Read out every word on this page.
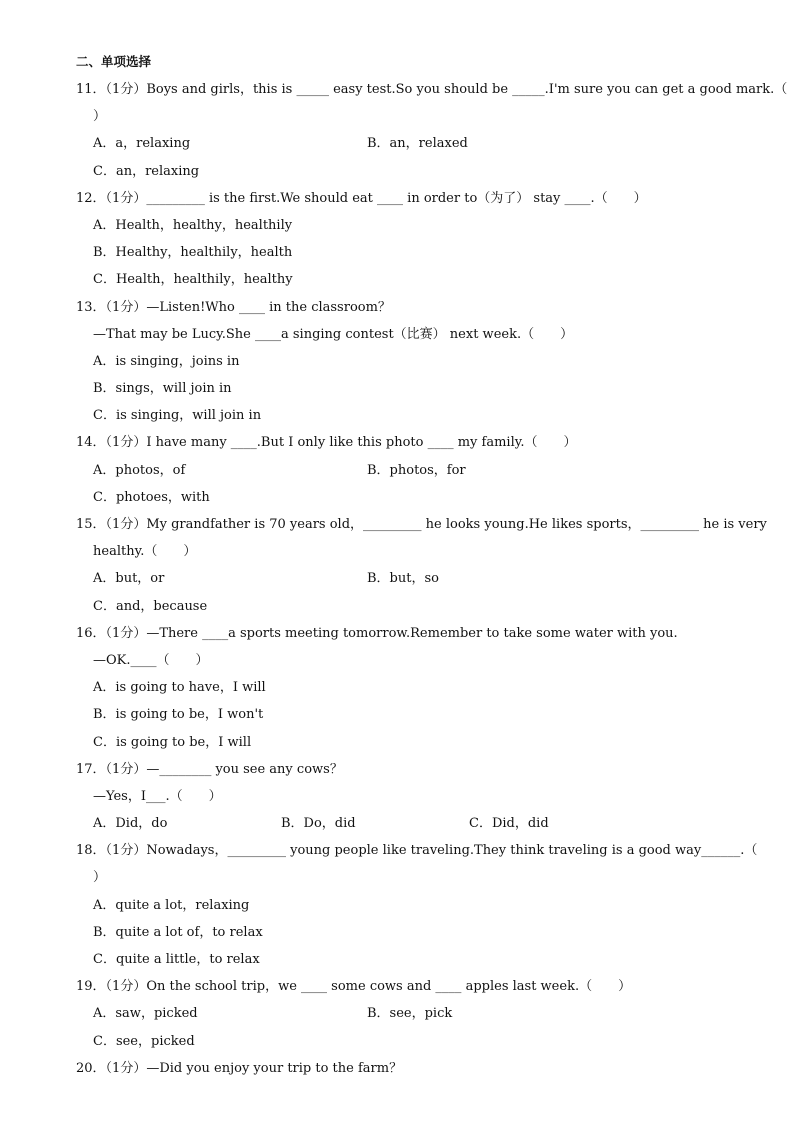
二、单项选择
11．（1分）Boys and girls，this is _____ easy test.So you should be _____.I'm sure you can get a good mark.（
）
A．a，relaxing	B．an，relaxed
C．an，relaxing
12．（1分）_________ is the first.We should eat ____ in order to（为了） stay ____.（　　）
A．Health，healthy，healthily
B．Healthy，healthily，health
C．Health，healthily，healthy
13．（1分）—Listen!Who ____ in the classroom？
—That may be Lucy.She ____a singing contest（比赛） next week.（　　）
A．is singing，joins in
B．sings，will join in
C．is singing，will join in
14．（1分）I have many ____.But I only like this photo ____ my family.（　　）
A．photos，of	B．photos，for
C．photoes，with
15．（1分）My grandfather is 70 years old，_________ he looks young.He likes sports，_________ he is very
healthy.（　　）
A．but，or	B．but，so
C．and，because
16．（1分）—There ____a sports meeting tomorrow.Remember to take some water with you.
—OK.____（　　）
A．is going to have，I will
B．is going to be，I won't
C．is going to be，I will
17．（1分）—________ you see any cows？
—Yes，I___.（　　）
A．Did，do	B．Do，did	C．Did，did
18．（1分）Nowadays，_________ young people like traveling.They think traveling is a good way______.（
）
A．quite a lot，relaxing
B．quite a lot of，to relax
C．quite a little，to relax
19．（1分）On the school trip，we ____ some cows and ____ apples last week.（　　）
A．saw，picked	B．see，pick
C．see，picked
20．（1分）—Did you enjoy your trip to the farm？
